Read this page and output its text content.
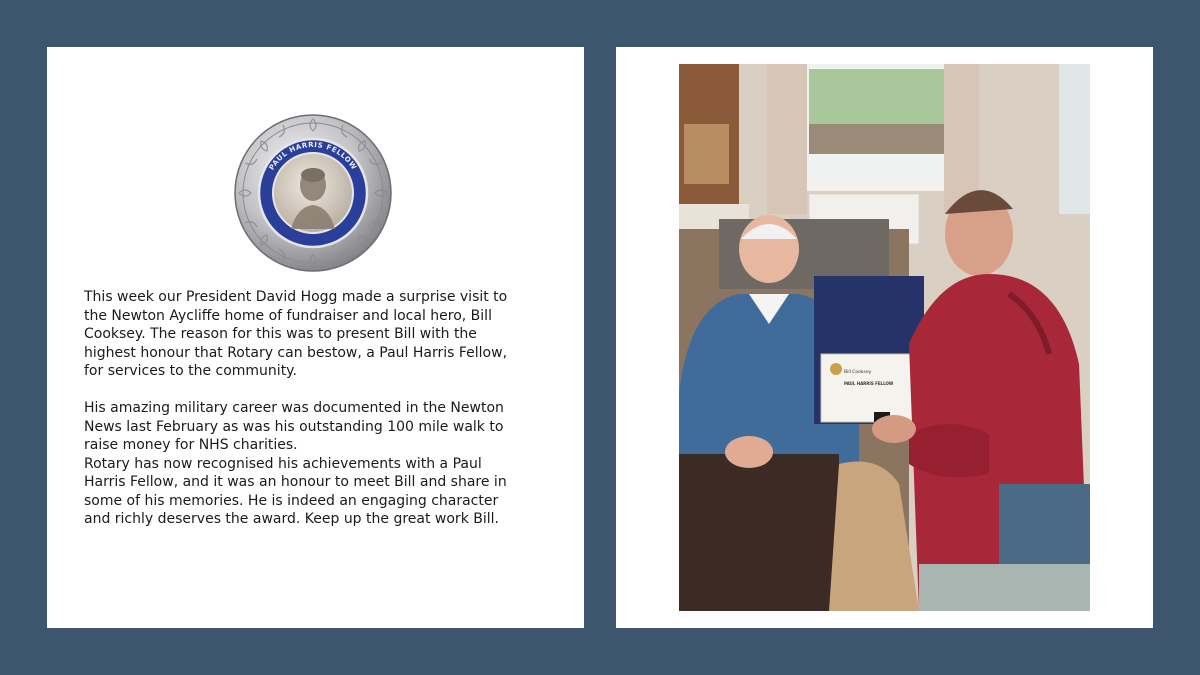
PAUL HARRIS FELLOW

This week our President David Hogg made a surprise visit to the Newton Aycliffe home of fundraiser and local hero, Bill Cooksey. The reason for this was to present Bill with the highest honour that Rotary can bestow, a Paul Harris Fellow, for services to the community.

His amazing military career was documented in the Newton News last February as was his outstanding 100 mile walk to raise money for NHS charities.

Rotary has now recognised his achievements with a Paul Harris Fellow, and it was an honour to meet Bill and share in some of his memories. He is indeed an engaging character and richly deserves the award. Keep up the great work Bill.

Bill Cooksey
PAUL HARRIS FELLOW
